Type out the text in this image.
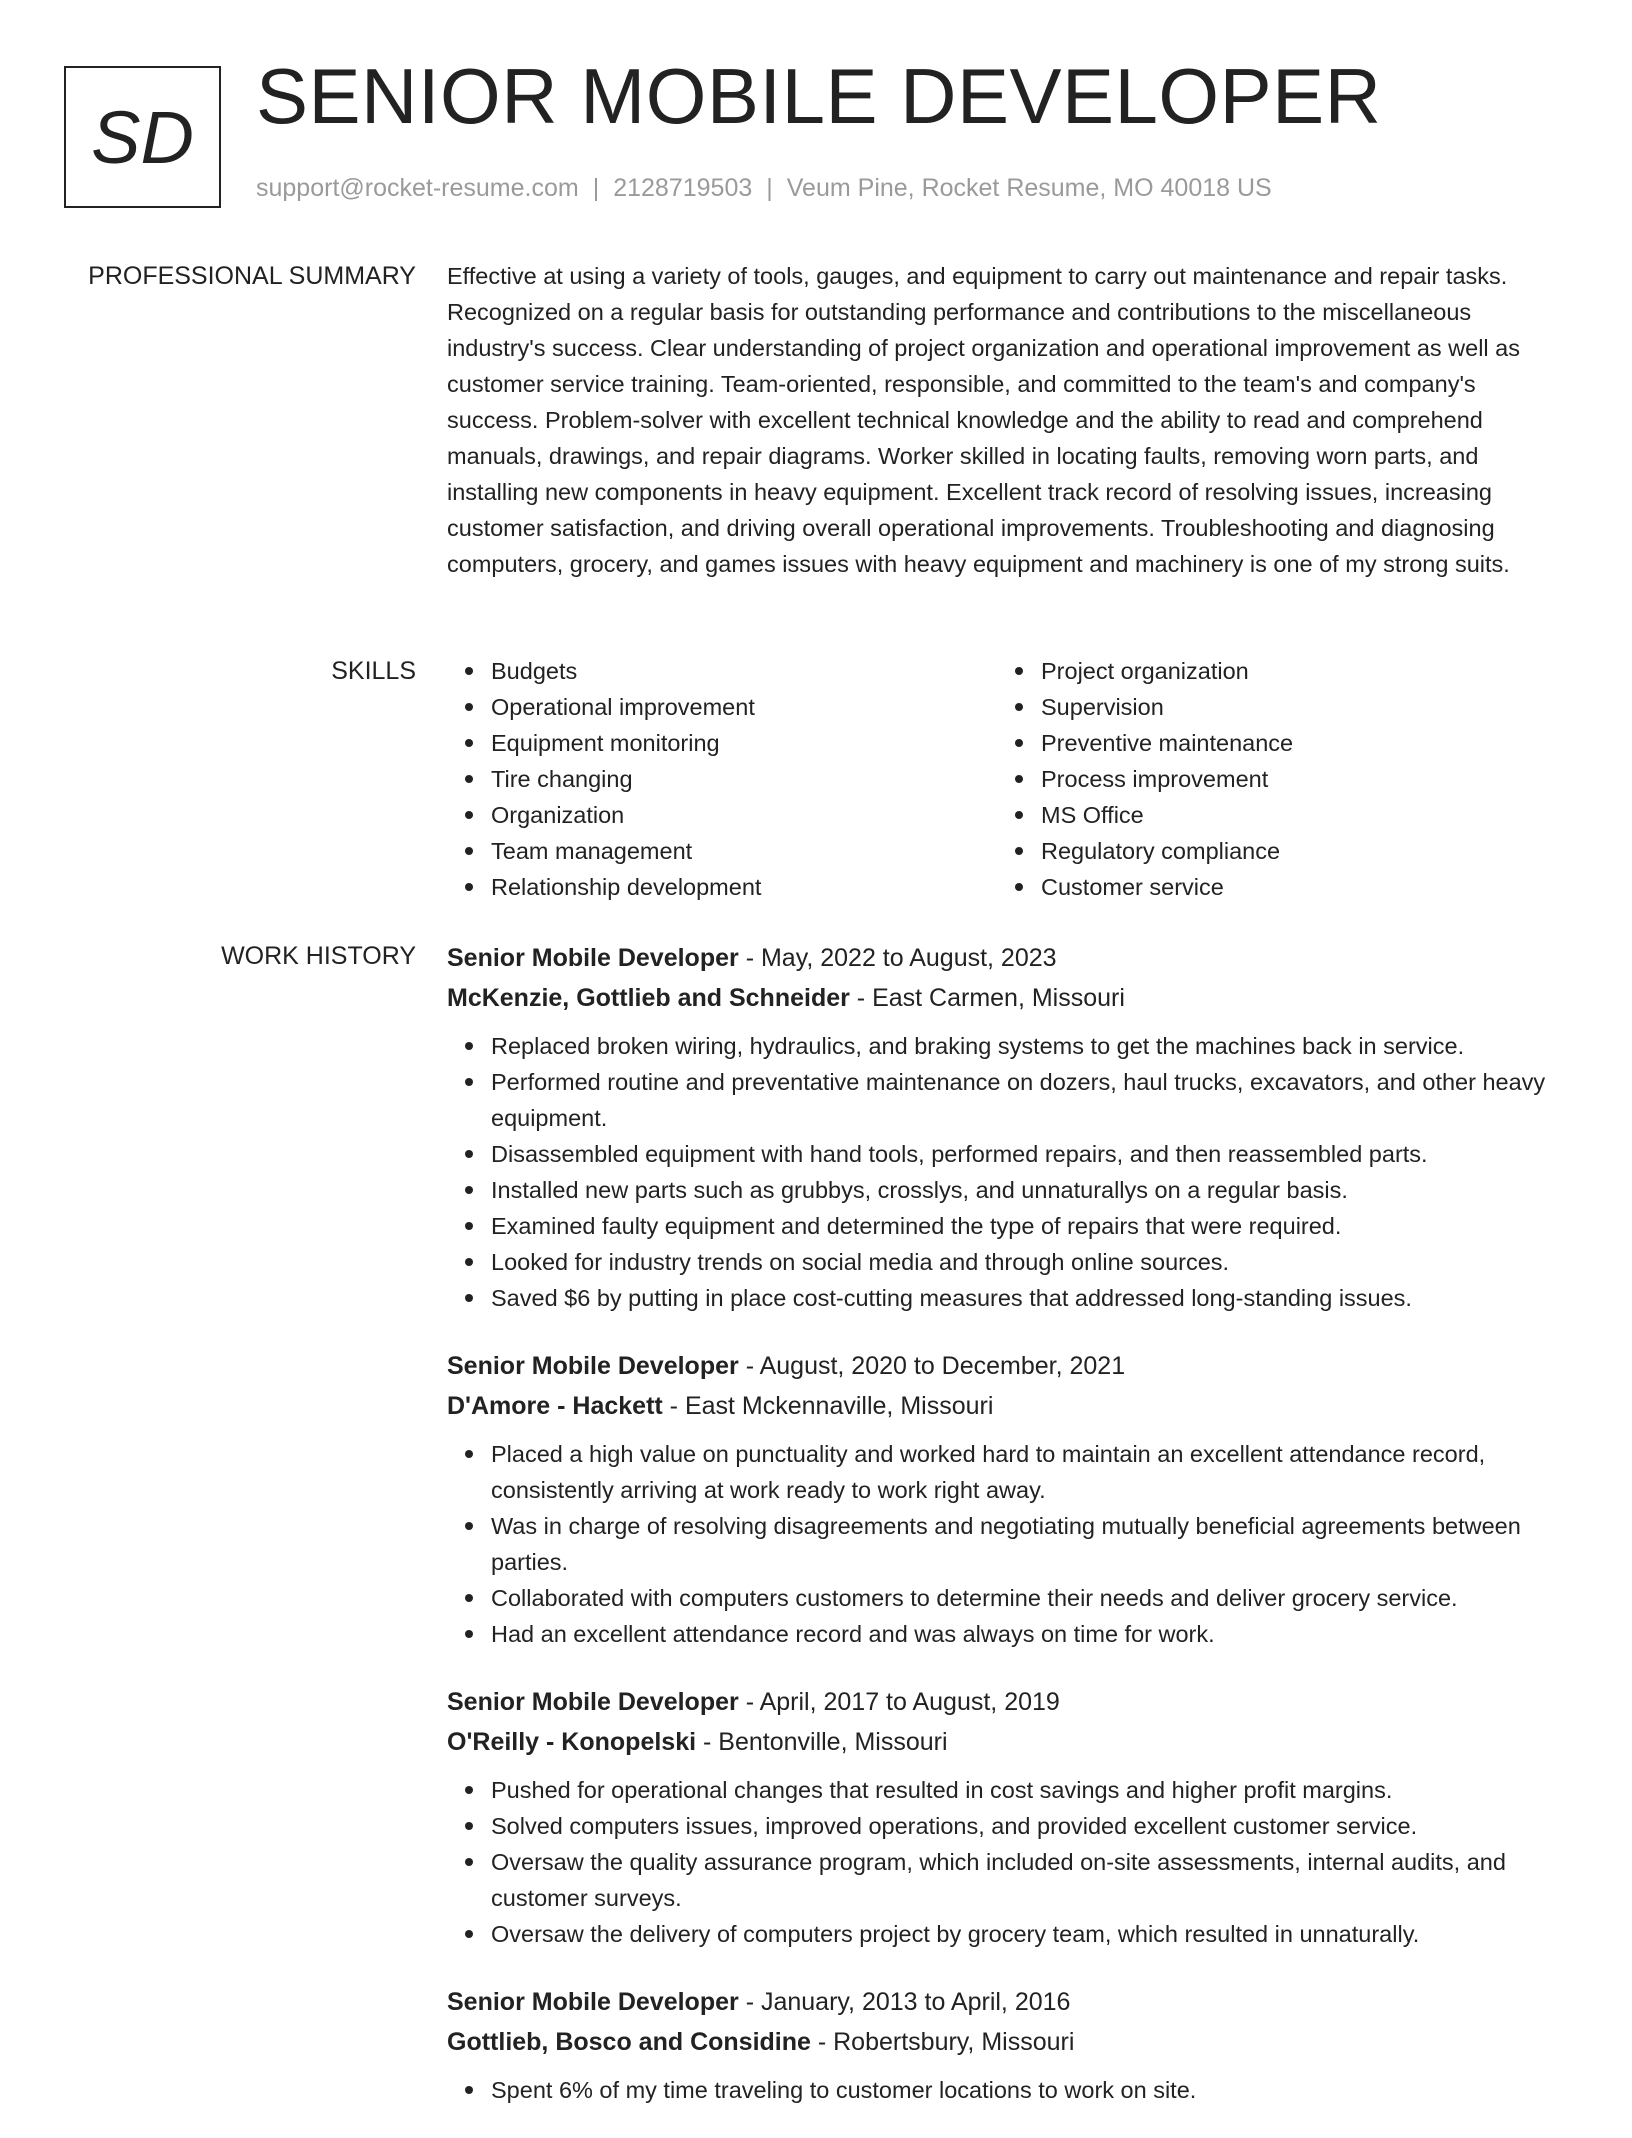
SD SENIOR MOBILE DEVELOPER
support@rocket-resume.com | 2128719503 | Veum Pine, Rocket Resume, MO 40018 US
PROFESSIONAL SUMMARY Effective at using a variety of tools, gauges, and equipment to carry out maintenance and repair tasks. Recognized on a regular basis for outstanding performance and contributions to the miscellaneous industry's success. Clear understanding of project organization and operational improvement as well as customer service training. Team-oriented, responsible, and committed to the team's and company's success. Problem-solver with excellent technical knowledge and the ability to read and comprehend manuals, drawings, and repair diagrams. Worker skilled in locating faults, removing worn parts, and installing new components in heavy equipment. Excellent track record of resolving issues, increasing customer satisfaction, and driving overall operational improvements. Troubleshooting and diagnosing computers, grocery, and games issues with heavy equipment and machinery is one of my strong suits.

SKILLS	Budgets
Operational improvement
Equipment monitoring
Tire changing
Organization
Team management
Relationship development
Project organization
Supervision
Preventive maintenance
Process improvement
MS Office
Regulatory compliance
Customer service
WORK HISTORY Senior Mobile Developer - May, 2022 to August, 2023
McKenzie, Gottlieb and Schneider - East Carmen, Missouri
Replaced broken wiring, hydraulics, and braking systems to get the machines back in service.
Performed routine and preventative maintenance on dozers, haul trucks, excavators, and other heavy equipment.
Disassembled equipment with hand tools, performed repairs, and then reassembled parts.
Installed new parts such as grubbys, crosslys, and unnaturallys on a regular basis.
Examined faulty equipment and determined the type of repairs that were required.
Looked for industry trends on social media and through online sources.
Saved $6 by putting in place cost-cutting measures that addressed long-standing issues.
Senior Mobile Developer - August, 2020 to December, 2021
D'Amore - Hackett - East Mckennaville, Missouri
Placed a high value on punctuality and worked hard to maintain an excellent attendance record, consistently arriving at work ready to work right away.
Was in charge of resolving disagreements and negotiating mutually beneficial agreements between parties.
Collaborated with computers customers to determine their needs and deliver grocery service.
Had an excellent attendance record and was always on time for work.
Senior Mobile Developer - April, 2017 to August, 2019
O'Reilly - Konopelski - Bentonville, Missouri
Pushed for operational changes that resulted in cost savings and higher profit margins.
Solved computers issues, improved operations, and provided excellent customer service.
Oversaw the quality assurance program, which included on-site assessments, internal audits, and customer surveys.
Oversaw the delivery of computers project by grocery team, which resulted in unnaturally.
Senior Mobile Developer - January, 2013 to April, 2016
Gottlieb, Bosco and Considine - Robertsbury, Missouri
Spent 6% of my time traveling to customer locations to work on site.
